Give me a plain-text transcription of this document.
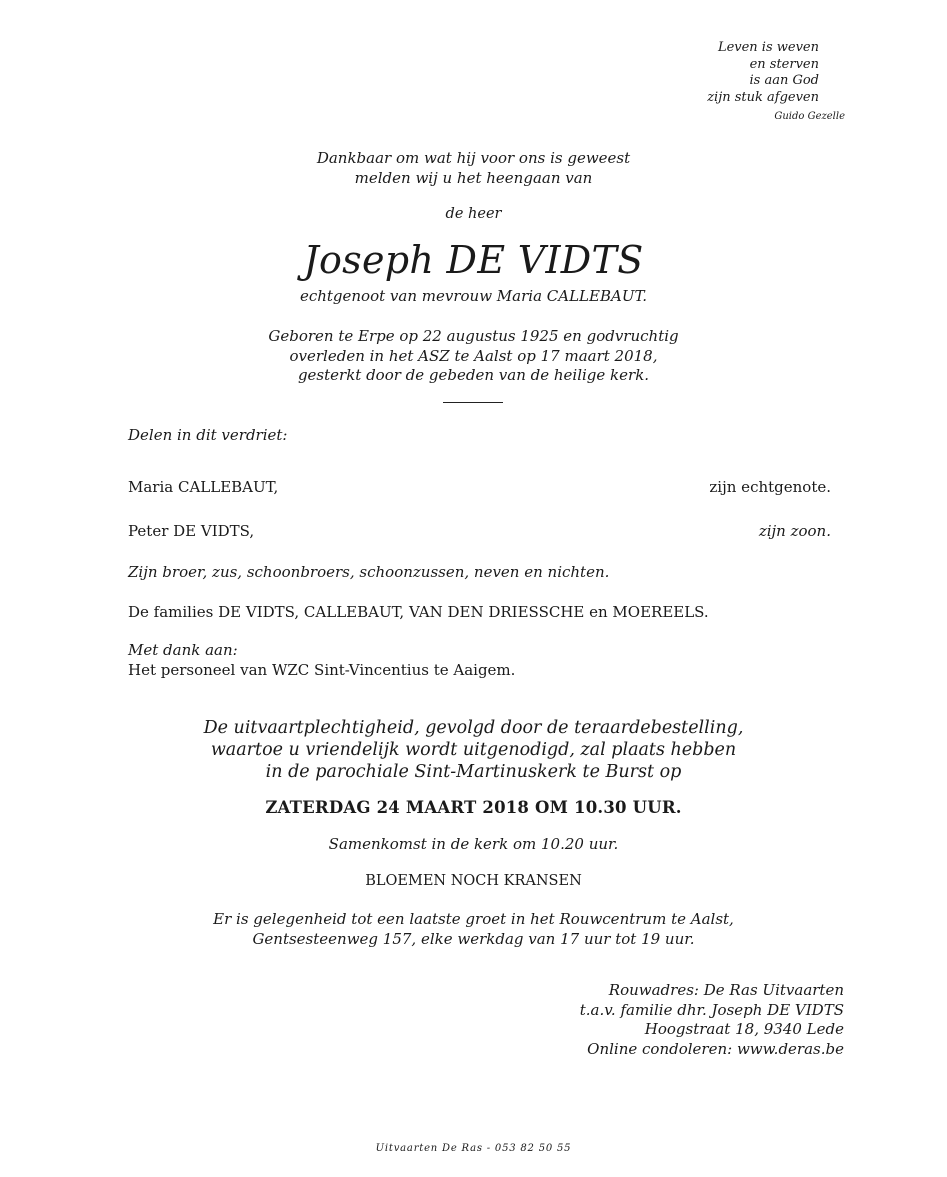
Leven is weven
en sterven
is aan God
zijn stuk afgeven
Guido Gezelle
Dankbaar om wat hij voor ons is geweest
melden wij u het heengaan van
de heer
Joseph DE VIDTS
echtgenoot van mevrouw Maria CALLEBAUT.
Geboren te Erpe op 22 augustus 1925 en godvruchtig
overleden in het ASZ te Aalst op 17 maart 2018,
gesterkt door de gebeden van de heilige kerk.
Delen in dit verdriet:
Maria CALLEBAUT,	zijn echtgenote.
Peter DE VIDTS,	zijn zoon.
Zijn broer, zus, schoonbroers, schoonzussen, neven en nichten.
De families DE VIDTS, CALLEBAUT, VAN DEN DRIESSCHE en MOEREELS.
Met dank aan:
Het personeel van WZC Sint-Vincentius te Aaigem.
De uitvaartplechtigheid, gevolgd door de teraardebestelling,
waartoe u vriendelijk wordt uitgenodigd, zal plaats hebben
in de parochiale Sint-Martinuskerk te Burst op
ZATERDAG 24 MAART 2018 OM 10.30 UUR.
Samenkomst in de kerk om 10.20 uur.
BLOEMEN NOCH KRANSEN
Er is gelegenheid tot een laatste groet in het Rouwcentrum te Aalst,
Gentsesteenweg 157, elke werkdag van 17 uur tot 19 uur.
Rouwadres: De Ras Uitvaarten
t.a.v. familie dhr. Joseph DE VIDTS
Hoogstraat 18, 9340 Lede
Online condoleren: www.deras.be
Uitvaarten De Ras - 053 82 50 55
